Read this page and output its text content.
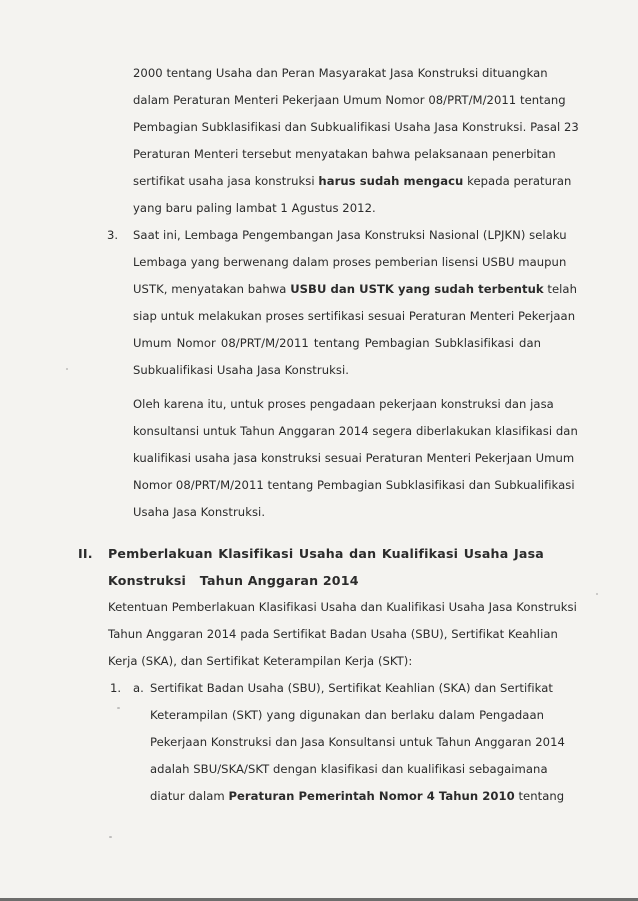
2000 tentang Usaha dan Peran Masyarakat Jasa Konstruksi dituangkan
dalam Peraturan Menteri Pekerjaan Umum Nomor 08/PRT/M/2011 tentang
Pembagian Subklasifikasi dan Subkualifikasi Usaha Jasa Konstruksi. Pasal 23
Peraturan Menteri tersebut menyatakan bahwa pelaksanaan penerbitan
sertifikat usaha jasa konstruksi harus sudah mengacu kepada peraturan
yang baru paling lambat 1 Agustus 2012.
3. Saat ini, Lembaga Pengembangan Jasa Konstruksi Nasional (LPJKN) selaku
Lembaga yang berwenang dalam proses pemberian lisensi USBU maupun
USTK, menyatakan bahwa USBU dan USTK yang sudah terbentuk telah
siap untuk melakukan proses sertifikasi sesuai Peraturan Menteri Pekerjaan
Umum Nomor 08/PRT/M/2011 tentang Pembagian Subklasifikasi dan
Subkualifikasi Usaha Jasa Konstruksi.
Oleh karena itu, untuk proses pengadaan pekerjaan konstruksi dan jasa
konsultansi untuk Tahun Anggaran 2014 segera diberlakukan klasifikasi dan
kualifikasi usaha jasa konstruksi sesuai Peraturan Menteri Pekerjaan Umum
Nomor 08/PRT/M/2011 tentang Pembagian Subklasifikasi dan Subkualifikasi
Usaha Jasa Konstruksi.
II. Pemberlakuan Klasifikasi Usaha dan Kualifikasi Usaha Jasa
Konstruksi   Tahun Anggaran 2014
Ketentuan Pemberlakuan Klasifikasi Usaha dan Kualifikasi Usaha Jasa Konstruksi
Tahun Anggaran 2014 pada Sertifikat Badan Usaha (SBU), Sertifikat Keahlian
Kerja (SKA), dan Sertifikat Keterampilan Kerja (SKT):
1. a. Sertifikat Badan Usaha (SBU), Sertifikat Keahlian (SKA) dan Sertifikat
Keterampilan (SKT) yang digunakan dan berlaku dalam Pengadaan
Pekerjaan Konstruksi dan Jasa Konsultansi untuk Tahun Anggaran 2014
adalah SBU/SKA/SKT dengan klasifikasi dan kualifikasi sebagaimana
diatur dalam Peraturan Pemerintah Nomor 4 Tahun 2010 tentang
